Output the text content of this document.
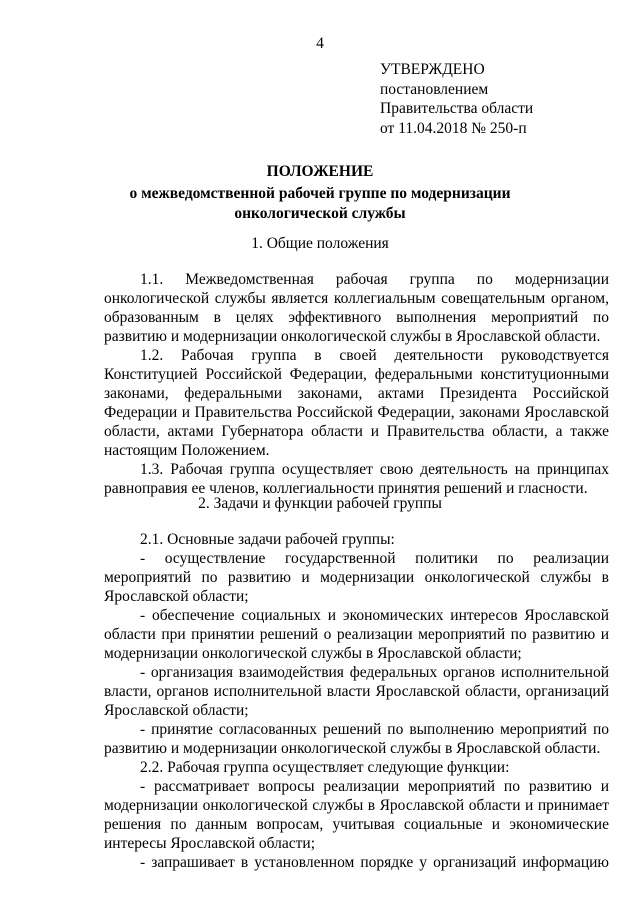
4
УТВЕРЖДЕНО
постановлением
Правительства области
от 11.04.2018 № 250-п
ПОЛОЖЕНИЕ
о межведомственной рабочей группе по модернизации
онкологической службы
1. Общие положения

1.1. Межведомственная рабочая группа по модернизации онкологической службы является коллегиальным совещательным органом, образованным в целях эффективного выполнения мероприятий по развитию и модернизации онкологической службы в Ярославской области.

1.2. Рабочая группа в своей деятельности руководствуется Конституцией Российской Федерации, федеральными конституционными законами, федеральными законами, актами Президента Российской Федерации и Правительства Российской Федерации, законами Ярославской области, актами Губернатора области и Правительства области, а также настоящим Положением.

1.3. Рабочая группа осуществляет свою деятельность на принципах равноправия ее членов, коллегиальности принятия решений и гласности.

2. Задачи и функции рабочей группы

2.1. Основные задачи рабочей группы:

- осуществление государственной политики по реализации мероприятий по развитию и модернизации онкологической службы в Ярославской области;

- обеспечение социальных и экономических интересов Ярославской области при принятии решений о реализации мероприятий по развитию и модернизации онкологической службы в Ярославской области;

- организация взаимодействия федеральных органов исполнительной власти, органов исполнительной власти Ярославской области, организаций Ярославской области;

- принятие согласованных решений по выполнению мероприятий по развитию и модернизации онкологической службы в Ярославской области.

2.2. Рабочая группа осуществляет следующие функции:

- рассматривает вопросы реализации мероприятий по развитию и модернизации онкологической службы в Ярославской области и принимает решения по данным вопросам, учитывая социальные и экономические интересы Ярославской области;

- запрашивает в установленном порядке у организаций информацию
